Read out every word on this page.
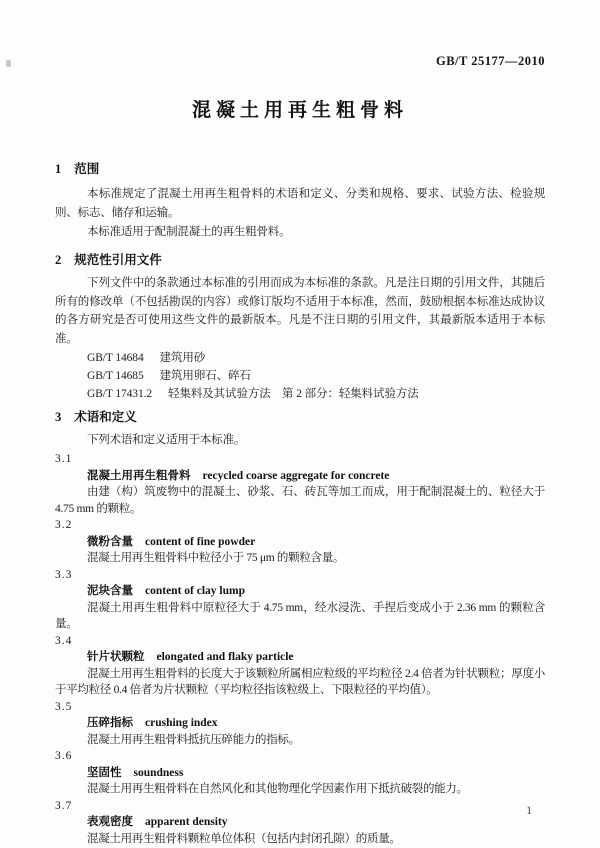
GB/T 25177—2010
混凝土用再生粗骨料
1 范围

本标准规定了混凝土用再生粗骨料的术语和定义、分类和规格、要求、试验方法、检验规则、标志、储存和运输。

本标准适用于配制混凝土的再生粗骨料。

2 规范性引用文件

下列文件中的条款通过本标准的引用而成为本标准的条款。凡是注日期的引用文件，其随后所有的修改单（不包括勘误的内容）或修订版均不适用于本标准，然而，鼓励根据本标准达成协议的各方研究是否可使用这些文件的最新版本。凡是不注日期的引用文件，其最新版本适用于本标准。

GB/T 14684 建筑用砂
GB/T 14685 建筑用卵石、碎石
GB/T 17431.2 轻集料及其试验方法　第 2 部分：轻集料试验方法
3 术语和定义

下列术语和定义适用于本标准。

3.1
混凝土用再生粗骨料 recycled coarse aggregate for concrete

由建（构）筑废物中的混凝土、砂浆、石、砖瓦等加工而成，用于配制混凝土的、粒径大于 4.75 mm 的颗粒。

3.2
微粉含量 content of fine powder

混凝土用再生粗骨料中粒径小于 75 μm 的颗粒含量。

3.3
泥块含量 content of clay lump

混凝土用再生粗骨料中原粒径大于 4.75 mm，经水浸洗、手捏后变成小于 2.36 mm 的颗粒含量。

3.4
针片状颗粒 elongated and flaky particle

混凝土用再生粗骨料的长度大于该颗粒所属相应粒级的平均粒径 2.4 倍者为针状颗粒；厚度小于平均粒径 0.4 倍者为片状颗粒（平均粒径指该粒级上、下限粒径的平均值）。

3.5
压碎指标 crushing index

混凝土用再生粗骨料抵抗压碎能力的指标。

3.6
坚固性 soundness

混凝土用再生粗骨料在自然风化和其他物理化学因素作用下抵抗破裂的能力。

3.7
表观密度 apparent density

混凝土用再生粗骨料颗粒单位体积（包括内封闭孔隙）的质量。

1
